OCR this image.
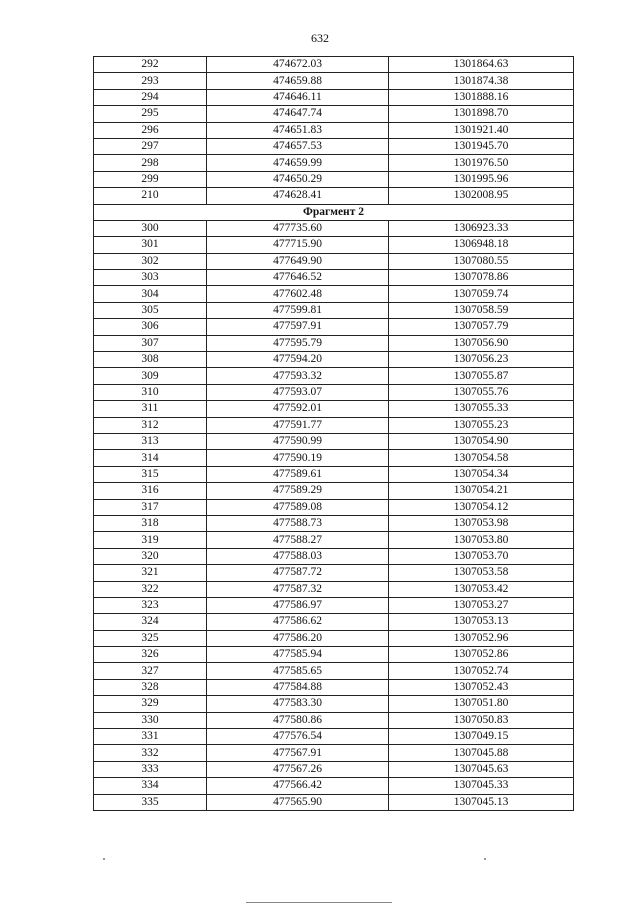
632
292	474672.03	1301864.63
293	474659.88	1301874.38
294	474646.11	1301888.16
295	474647.74	1301898.70
296	474651.83	1301921.40
297	474657.53	1301945.70
298	474659.99	1301976.50
299	474650.29	1301995.96
210	474628.41	1302008.95
Фрагмент 2		
300	477735.60	1306923.33
301	477715.90	1306948.18
302	477649.90	1307080.55
303	477646.52	1307078.86
304	477602.48	1307059.74
305	477599.81	1307058.59
306	477597.91	1307057.79
307	477595.79	1307056.90
308	477594.20	1307056.23
309	477593.32	1307055.87
310	477593.07	1307055.76
311	477592.01	1307055.33
312	477591.77	1307055.23
313	477590.99	1307054.90
314	477590.19	1307054.58
315	477589.61	1307054.34
316	477589.29	1307054.21
317	477589.08	1307054.12
318	477588.73	1307053.98
319	477588.27	1307053.80
320	477588.03	1307053.70
321	477587.72	1307053.58
322	477587.32	1307053.42
323	477586.97	1307053.27
324	477586.62	1307053.13
325	477586.20	1307052.96
326	477585.94	1307052.86
327	477585.65	1307052.74
328	477584.88	1307052.43
329	477583.30	1307051.80
330	477580.86	1307050.83
331	477576.54	1307049.15
332	477567.91	1307045.88
333	477567.26	1307045.63
334	477566.42	1307045.33
335	477565.90	1307045.13
